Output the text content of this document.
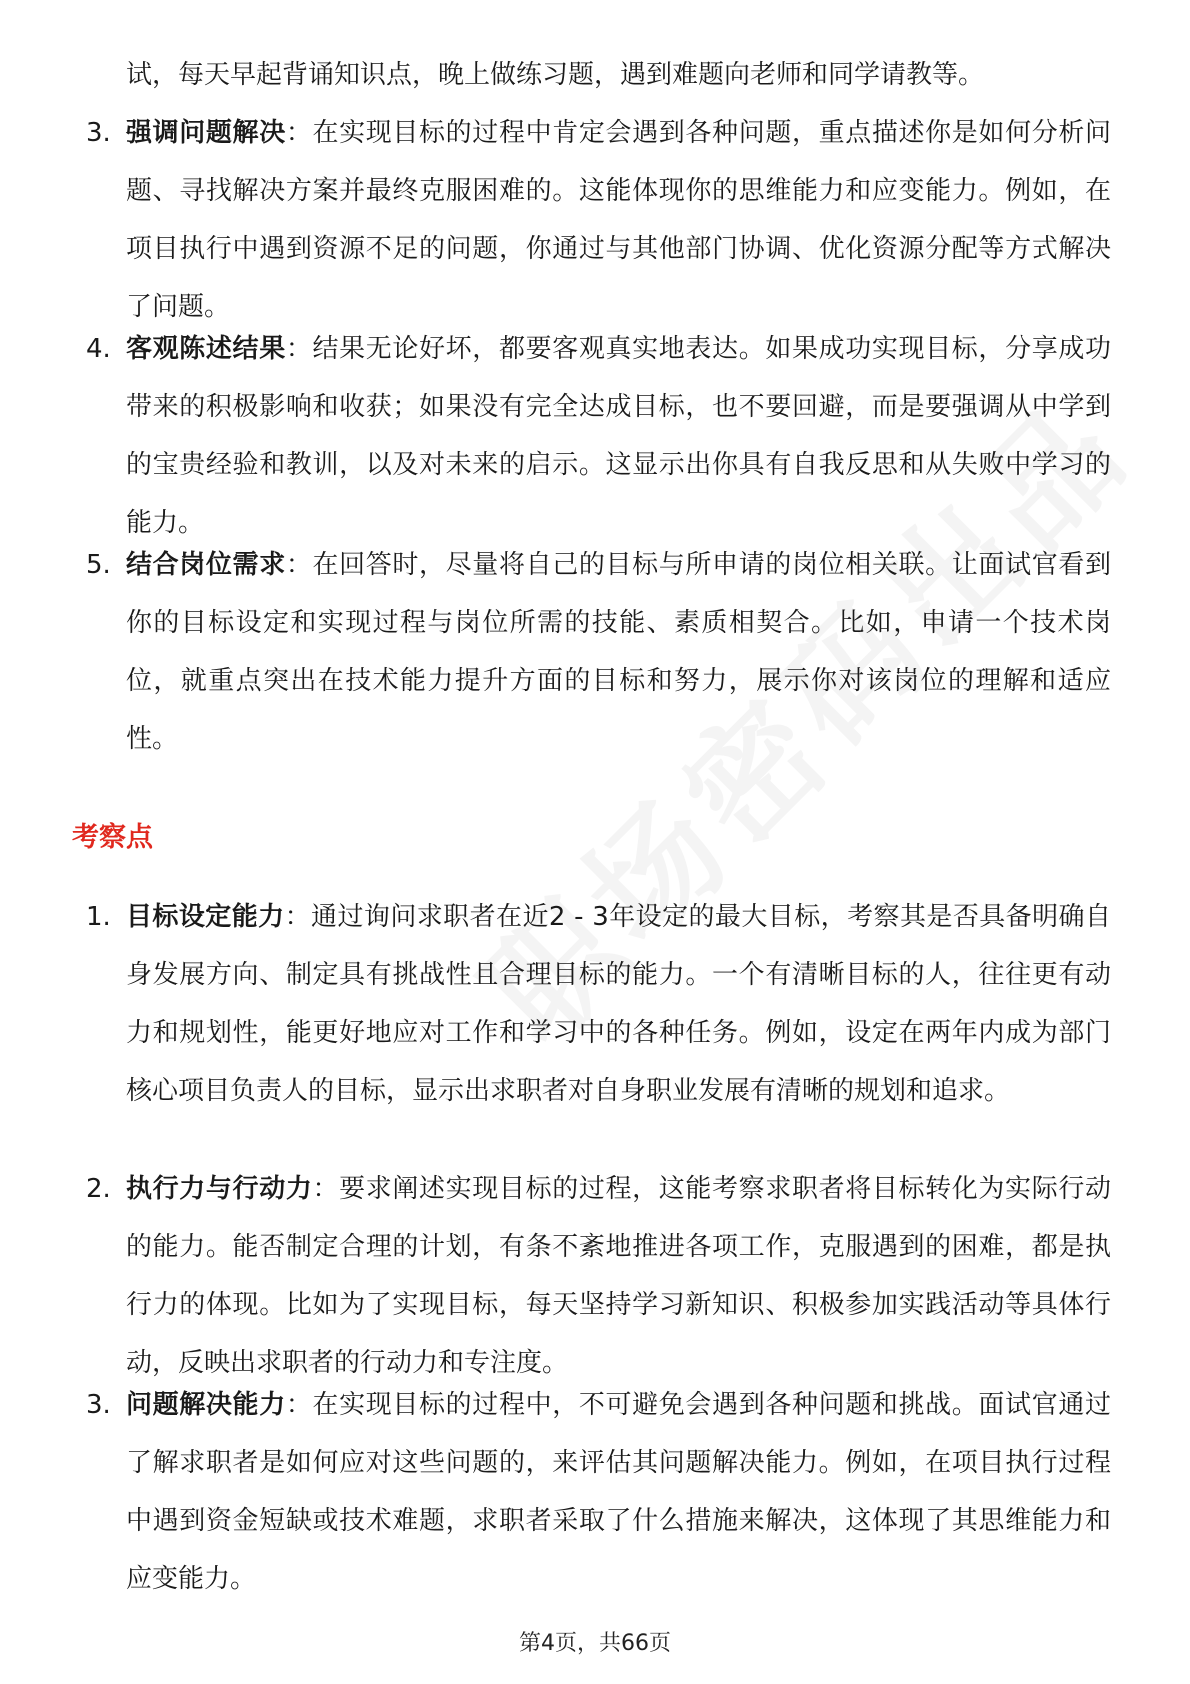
试，每天早起背诵知识点，晚上做练习题，遇到难题向老师和同学请教等。
3. 强调问题解决：在实现目标的过程中肯定会遇到各种问题，重点描述你是如何分析问题、寻找解决方案并最终克服困难的。这能体现你的思维能力和应变能力。例如，在项目执行中遇到资源不足的问题，你通过与其他部门协调、优化资源分配等方式解决了问题。
4. 客观陈述结果：结果无论好坏，都要客观真实地表达。如果成功实现目标，分享成功带来的积极影响和收获；如果没有完全达成目标，也不要回避，而是要强调从中学到的宝贵经验和教训，以及对未来的启示。这显示出你具有自我反思和从失败中学习的能力。
5. 结合岗位需求：在回答时，尽量将自己的目标与所申请的岗位相关联。让面试官看到你的目标设定和实现过程与岗位所需的技能、素质相契合。比如，申请一个技术岗位，就重点突出在技术能力提升方面的目标和努力，展示你对该岗位的理解和适应性。
考察点
1. 目标设定能力：通过询问求职者在近2 - 3年设定的最大目标，考察其是否具备明确自身发展方向、制定具有挑战性且合理目标的能力。一个有清晰目标的人，往往更有动力和规划性，能更好地应对工作和学习中的各种任务。例如，设定在两年内成为部门核心项目负责人的目标，显示出求职者对自身职业发展有清晰的规划和追求。
2. 执行力与行动力：要求阐述实现目标的过程，这能考察求职者将目标转化为实际行动的能力。能否制定合理的计划，有条不紊地推进各项工作，克服遇到的困难，都是执行力的体现。比如为了实现目标，每天坚持学习新知识、积极参加实践活动等具体行动，反映出求职者的行动力和专注度。
3. 问题解决能力：在实现目标的过程中，不可避免会遇到各种问题和挑战。面试官通过了解求职者是如何应对这些问题的，来评估其问题解决能力。例如，在项目执行过程中遇到资金短缺或技术难题，求职者采取了什么措施来解决，这体现了其思维能力和应变能力。
第4页，共66页
